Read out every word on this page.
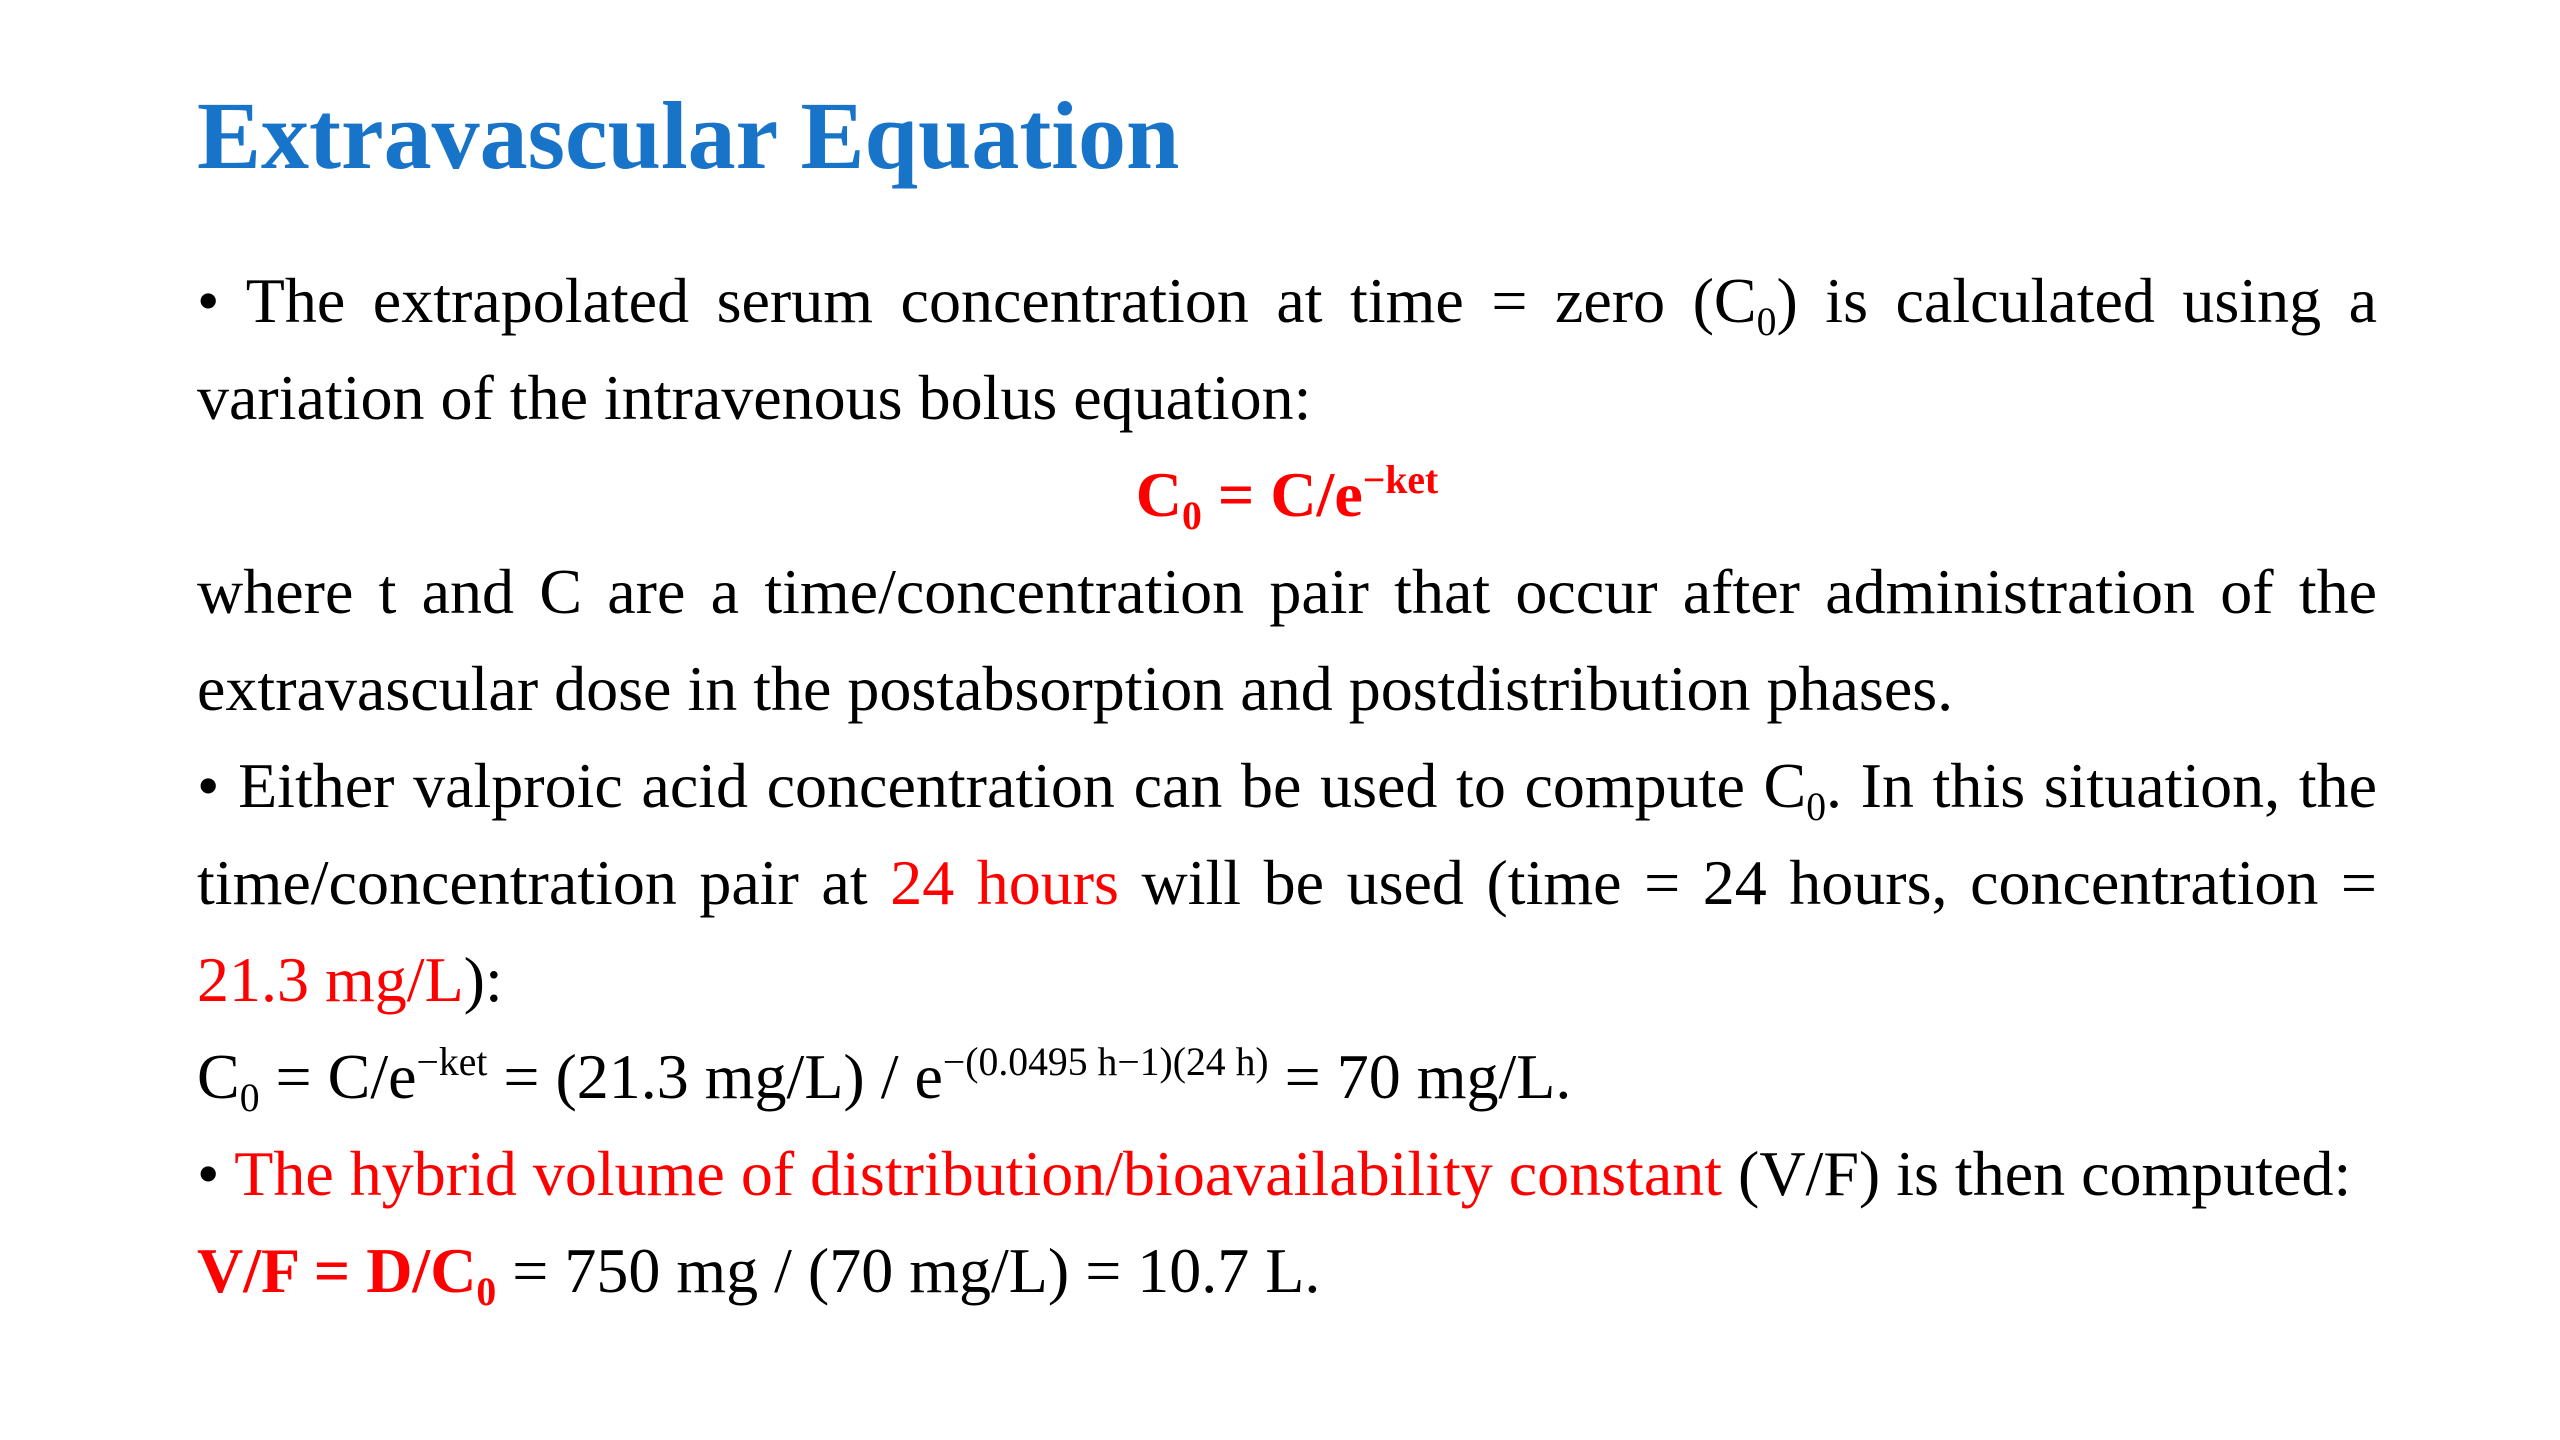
Extravascular Equation

• The extrapolated serum concentration at time = zero $(C_0)$ is calculated using a variation of the intravenous bolus equation:

$C_0 = C/e^{-ket}$

where t and C are a time/concentration pair that occur after administration of the extravascular dose in the postabsorption and postdistribution phases.

• Either valproic acid concentration can be used to compute $C_0$. In this situation, the time/concentration pair at 24 hours will be used (time = 24 hours, concentration = 21.3 mg/L):

$C_0 = C/e^{-ket} = (21.3$ $mg/L) / e^{-(0.0495 h-1)(24 h)} = 70$ mg/L.

• The hybrid volume of distribution/bioavailability constant (V/F) is then computed:

$V/F = D/C_0 = 750$ mg / (70 mg/L) = 10.7 L.
